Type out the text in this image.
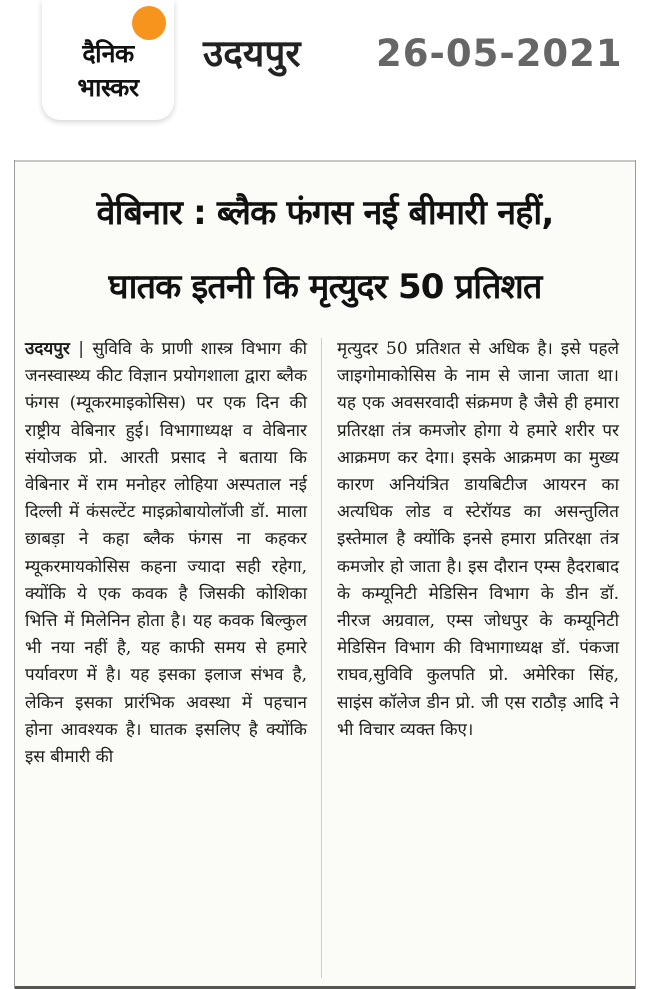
दैनिक
भास्कर
उदयपुर 26-05-2021
वेबिनार : ब्लैक फंगस नई बीमारी नहीं,
घातक इतनी कि मृत्युदर 50 प्रतिशत
उदयपुर | सुविवि के प्राणी शास्त्र विभाग की जनस्वास्थ्य कीट विज्ञान प्रयोगशाला द्वारा ब्लैक फंगस (म्यूकरमाइकोसिस) पर एक दिन की राष्ट्रीय वेबिनार हुई। विभागाध्यक्ष व वेबिनार संयोजक प्रो. आरती प्रसाद ने बताया कि वेबिनार में राम मनोहर लोहिया अस्पताल नई दिल्ली में कंसल्टेंट माइक्रोबायोलॉजी डॉ. माला छाबड़ा ने कहा ब्लैक फंगस ना कहकर म्यूकरमायकोसिस कहना ज्यादा सही रहेगा, क्योंकि ये एक कवक है जिसकी कोशिका भित्ति में मिलेनिन होता है। यह कवक बिल्कुल भी नया नहीं है, यह काफी समय से हमारे पर्यावरण में है। यह इसका इलाज संभव है, लेकिन इसका प्रारंभिक अवस्था में पहचान होना आवश्यक है। घातक इसलिए है क्योंकि इस बीमारी की
मृत्युदर 50 प्रतिशत से अधिक है। इसे पहले जाइगोमाकोसिस के नाम से जाना जाता था। यह एक अवसरवादी संक्रमण है जैसे ही हमारा प्रतिरक्षा तंत्र कमजोर होगा ये हमारे शरीर पर आक्रमण कर देगा। इसके आक्रमण का मुख्य कारण अनियंत्रित डायबिटीज आयरन का अत्यधिक लोड व स्टेरॉयड का असन्तुलित इस्तेमाल है क्योंकि इनसे हमारा प्रतिरक्षा तंत्र कमजोर हो जाता है। इस दौरान एम्स हैदराबाद के कम्यूनिटी मेडिसिन विभाग के डीन डॉ. नीरज अग्रवाल, एम्स जोधपुर के कम्यूनिटी मेडिसिन विभाग की विभागाध्यक्ष डॉ. पंकजा राघव,सुविवि कुलपति प्रो. अमेरिका सिंह, साइंस कॉलेज डीन प्रो. जी एस राठौड़ आदि ने भी विचार व्यक्त किए।
